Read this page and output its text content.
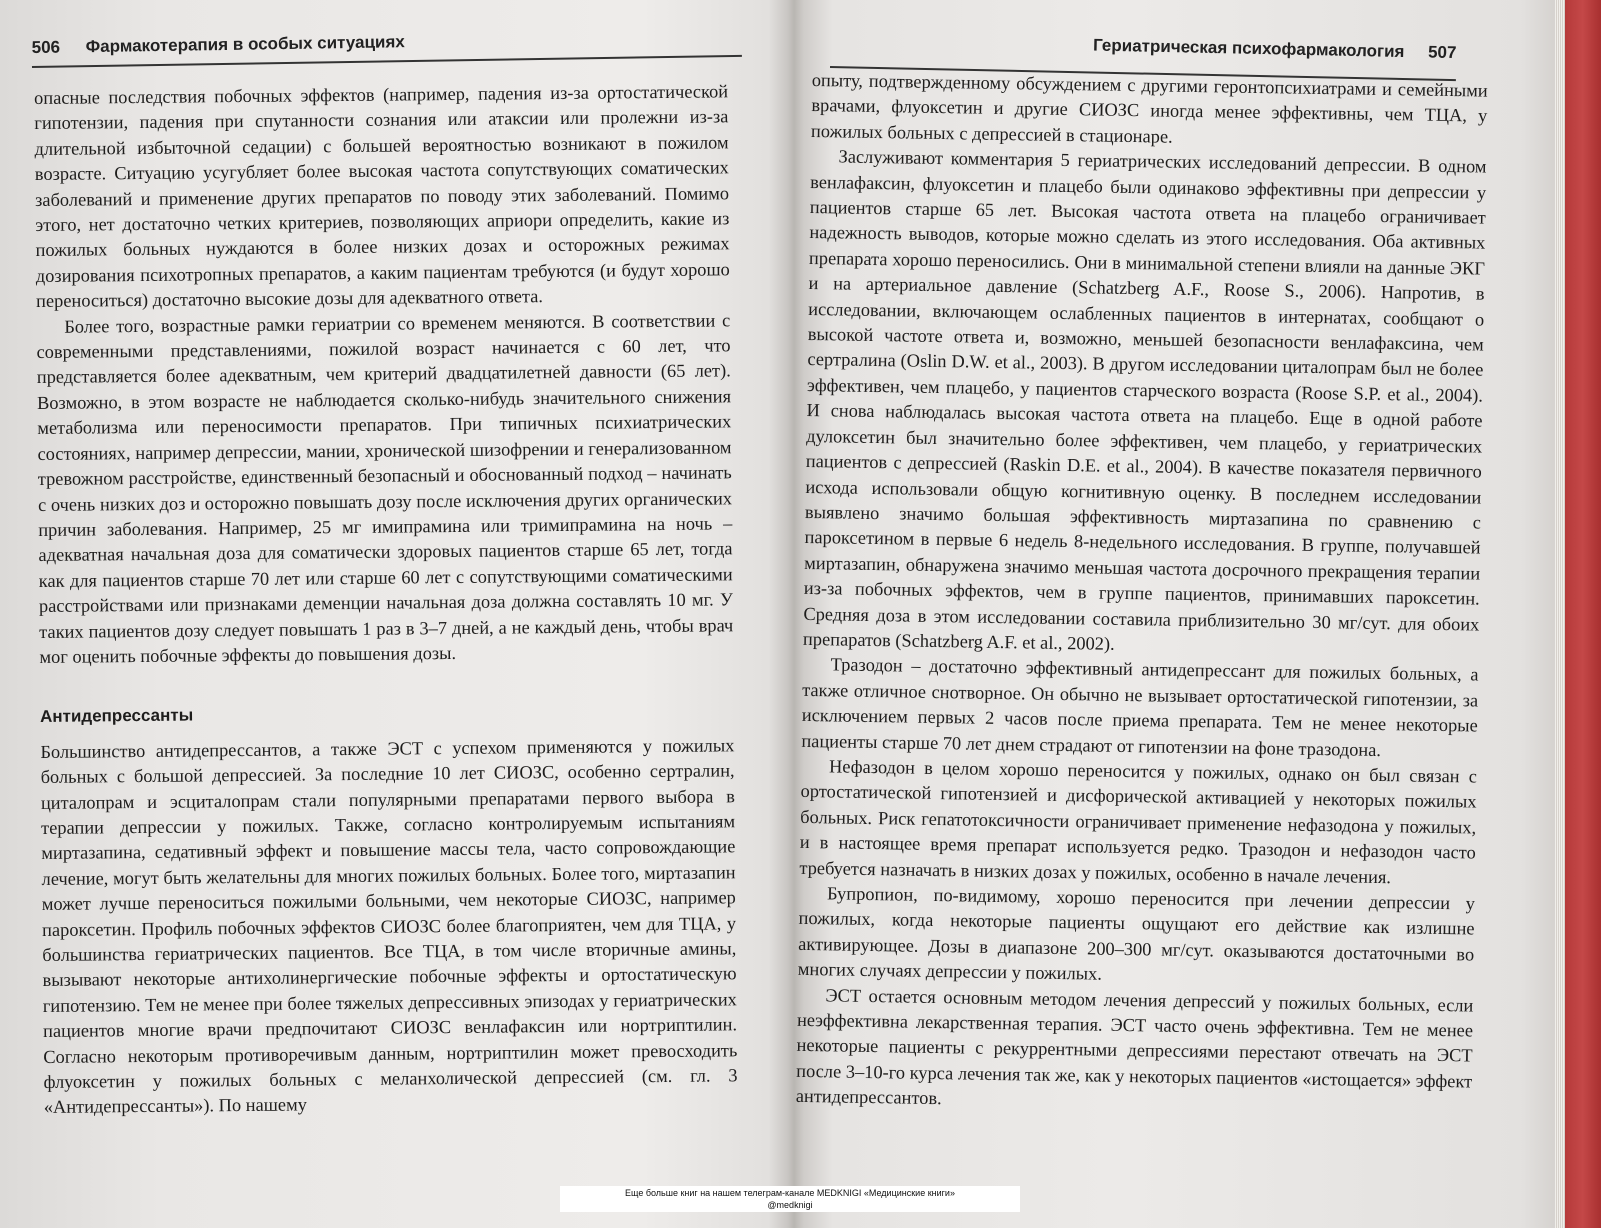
506 Фармакотерапия в особых ситуациях

опасные последствия побочных эффектов (например, падения из-за ортостатической гипотензии, падения при спутанности сознания или атаксии или пролежни из-за длительной избыточной седации) с большей вероятностью возникают в пожилом возрасте. Ситуацию усугубляет более высокая частота сопутствующих соматических заболеваний и применение других препаратов по поводу этих заболеваний. Помимо этого, нет достаточно четких критериев, позволяющих априори определить, какие из пожилых больных нуждаются в более низких дозах и осторожных режимах дозирования психотропных препаратов, а каким пациентам требуются (и будут хорошо переноситься) достаточно высокие дозы для адекватного ответа.

Более того, возрастные рамки гериатрии со временем меняются. В соответствии с современными представлениями, пожилой возраст начинается с 60 лет, что представляется более адекватным, чем критерий двадцатилетней давности (65 лет). Возможно, в этом возрасте не наблюдается сколько-нибудь значительного снижения метаболизма или переносимости препаратов. При типичных психиатрических состояниях, например депрессии, мании, хронической шизофрении и генерализованном тревожном расстройстве, единственный безопасный и обоснованный подход – начинать с очень низких доз и осторожно повышать дозу после исключения других органических причин заболевания. Например, 25 мг имипрамина или тримипрамина на ночь – адекватная начальная доза для соматически здоровых пациентов старше 65 лет, тогда как для пациентов старше 70 лет или старше 60 лет с сопутствующими соматическими расстройствами или признаками деменции начальная доза должна составлять 10 мг. У таких пациентов дозу следует повышать 1 раз в 3–7 дней, а не каждый день, чтобы врач мог оценить побочные эффекты до повышения дозы.

Антидепрессанты

Большинство антидепрессантов, а также ЭСТ с успехом применяются у пожилых больных с большой депрессией. За последние 10 лет СИОЗС, особенно сертралин, циталопрам и эсциталопрам стали популярными препаратами первого выбора в терапии депрессии у пожилых. Также, согласно контролируемым испытаниям миртазапина, седативный эффект и повышение массы тела, часто сопровождающие лечение, могут быть желательны для многих пожилых больных. Более того, миртазапин может лучше переноситься пожилыми больными, чем некоторые СИОЗС, например пароксетин. Профиль побочных эффектов СИОЗС более благоприятен, чем для ТЦА, у большинства гериатрических пациентов. Все ТЦА, в том числе вторичные амины, вызывают некоторые антихолинергические побочные эффекты и ортостатическую гипотензию. Тем не менее при более тяжелых депрессивных эпизодах у гериатрических пациентов многие врачи предпочитают СИОЗС венлафаксин или нортриптилин. Согласно некоторым противоречивым данным, нортриптилин может превосходить флуоксетин у пожилых больных с меланхолической депрессией (см. гл. 3 «Антидепрессанты»). По нашему

Гериатрическая психофармакология 507

опыту, подтвержденному обсуждением с другими геронтопсихиатрами и семейными врачами, флуоксетин и другие СИОЗС иногда менее эффективны, чем ТЦА, у пожилых больных с депрессией в стационаре.

Заслуживают комментария 5 гериатрических исследований депрессии. В одном венлафаксин, флуоксетин и плацебо были одинаково эффективны при депрессии у пациентов старше 65 лет. Высокая частота ответа на плацебо ограничивает надежность выводов, которые можно сделать из этого исследования. Оба активных препарата хорошо переносились. Они в минимальной степени влияли на данные ЭКГ и на артериальное давление (Schatzberg A.F., Roose S., 2006). Напротив, в исследовании, включающем ослабленных пациентов в интернатах, сообщают о высокой частоте ответа и, возможно, меньшей безопасности венлафаксина, чем сертралина (Oslin D.W. et al., 2003). В другом исследовании циталопрам был не более эффективен, чем плацебо, у пациентов старческого возраста (Roose S.P. et al., 2004). И снова наблюдалась высокая частота ответа на плацебо. Еще в одной работе дулоксетин был значительно более эффективен, чем плацебо, у гериатрических пациентов с депрессией (Raskin D.E. et al., 2004). В качестве показателя первичного исхода использовали общую когнитивную оценку. В последнем исследовании выявлено значимо большая эффективность миртазапина по сравнению с пароксетином в первые 6 недель 8-недельного исследования. В группе, получавшей миртазапин, обнаружена значимо меньшая частота досрочного прекращения терапии из-за побочных эффектов, чем в группе пациентов, принимавших пароксетин. Средняя доза в этом исследовании составила приблизительно 30 мг/сут. для обоих препаратов (Schatzberg A.F. et al., 2002).

Тразодон – достаточно эффективный антидепрессант для пожилых больных, а также отличное снотворное. Он обычно не вызывает ортостатической гипотензии, за исключением первых 2 часов после приема препарата. Тем не менее некоторые пациенты старше 70 лет днем страдают от гипотензии на фоне тразодона.

Нефазодон в целом хорошо переносится у пожилых, однако он был связан с ортостатической гипотензией и дисфорической активацией у некоторых пожилых больных. Риск гепатотоксичности ограничивает применение нефазодона у пожилых, и в настоящее время препарат используется редко. Тразодон и нефазодон часто требуется назначать в низких дозах у пожилых, особенно в начале лечения.

Бупропион, по-видимому, хорошо переносится при лечении депрессии у пожилых, когда некоторые пациенты ощущают его действие как излишне активирующее. Дозы в диапазоне 200–300 мг/сут. оказываются достаточными во многих случаях депрессии у пожилых.

ЭСТ остается основным методом лечения депрессий у пожилых больных, если неэффективна лекарственная терапия. ЭСТ часто очень эффективна. Тем не менее некоторые пациенты с рекуррентными депрессиями перестают отвечать на ЭСТ после 3–10-го курса лечения так же, как у некоторых пациентов «истощается» эффект антидепрессантов.

Еще больше книг на нашем телеграм-канале MEDKNIGI «Медицинские книги»
@medknigi
